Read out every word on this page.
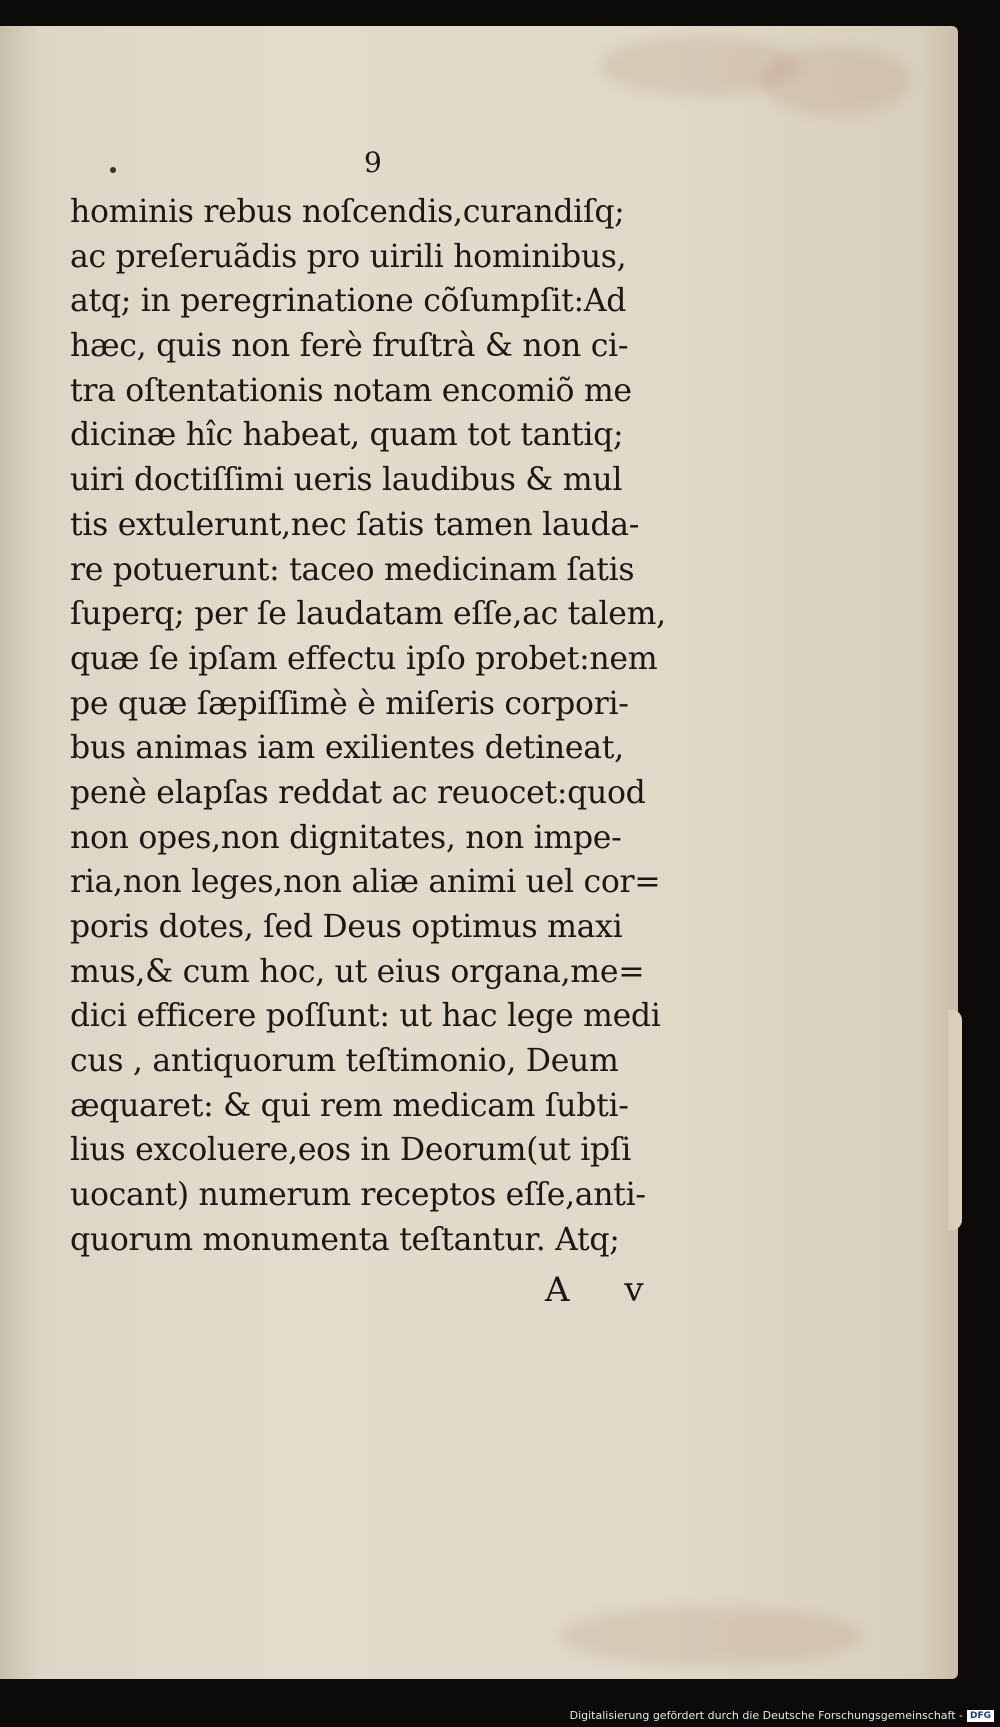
9
hominis rebus noſcendis,curandiſq;
ac preſeruãdis pro uirili hominibus,
atq; in peregrinatione cõſumpſit:Ad
hæc, quis non ferè fruſtrà & non ci-
tra oſtentationis notam encomiõ me
dicinæ hîc habeat, quam tot tantiq;
uiri doctiſſimi ueris laudibus & mul
tis extulerunt,nec ſatis tamen lauda-
re potuerunt: taceo medicinam ſatis
ſuperq; per ſe laudatam eſſe,ac talem,
quæ ſe ipſam effectu ipſo probet:nem
pe quæ ſæpiſſimè è miſeris corpori-
bus animas iam exilientes detineat,
penè elapſas reddat ac reuocet:quod
non opes,non dignitates, non impe-
ria,non leges,non aliæ animi uel cor=
poris dotes, ſed Deus optimus maxi
mus,& cum hoc, ut eius organa,me=
dici efficere poſſunt: ut hac lege medi
cus , antiquorum teſtimonio, Deum
æquaret: & qui rem medicam ſubti-
lius excoluere,eos in Deorum(ut ipſi
uocant) numerum receptos eſſe,anti-
quorum monumenta teſtantur. Atq;
A v
Digitalisierung gefördert durch die Deutsche Forschungsgemeinschaft - DFG
